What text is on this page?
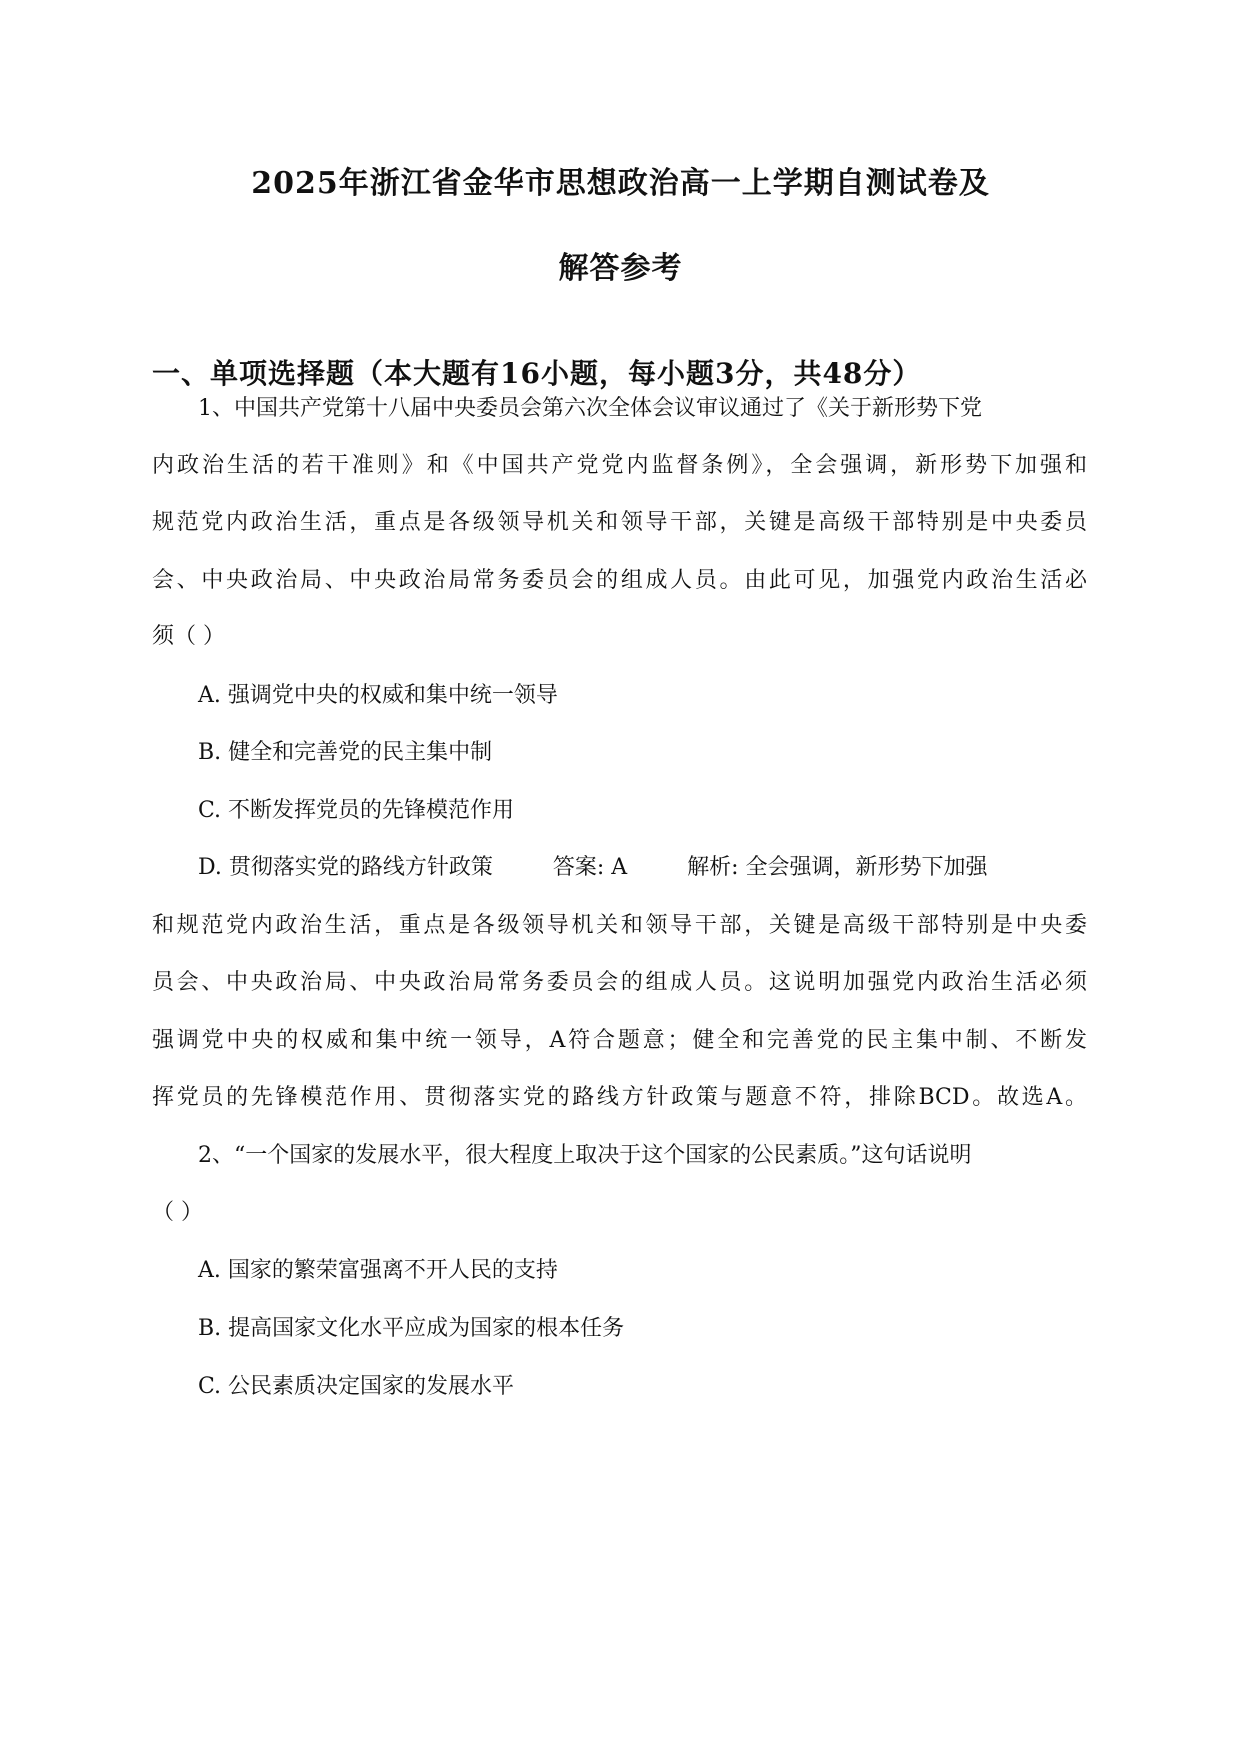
2025年浙江省金华市思想政治高一上学期自测试卷及
解答参考
一、单项选择题（本大题有16小题，每小题3分，共48分）
1、中国共产党第十八届中央委员会第六次全体会议审议通过了《关于新形势下党
内政治生活的若干准则》和《中国共产党党内监督条例》，全会强调，新形势下加强和
规范党内政治生活，重点是各级领导机关和领导干部，关键是高级干部特别是中央委员
会、中央政治局、中央政治局常务委员会的组成人员。由此可见，加强党内政治生活必
须（ ）
A. 强调党中央的权威和集中统一领导
B. 健全和完善党的民主集中制
C. 不断发挥党员的先锋模范作用
D. 贯彻落实党的路线方针政策	答案: A	解析: 全会强调，新形势下加强
和规范党内政治生活，重点是各级领导机关和领导干部，关键是高级干部特别是中央委
员会、中央政治局、中央政治局常务委员会的组成人员。这说明加强党内政治生活必须
强调党中央的权威和集中统一领导，A符合题意；健全和完善党的民主集中制、不断发
挥党员的先锋模范作用、贯彻落实党的路线方针政策与题意不符，排除BCD。故选A。
2、“一个国家的发展水平，很大程度上取决于这个国家的公民素质。”这句话说明
（ ）
A. 国家的繁荣富强离不开人民的支持
B. 提高国家文化水平应成为国家的根本任务
C. 公民素质决定国家的发展水平
